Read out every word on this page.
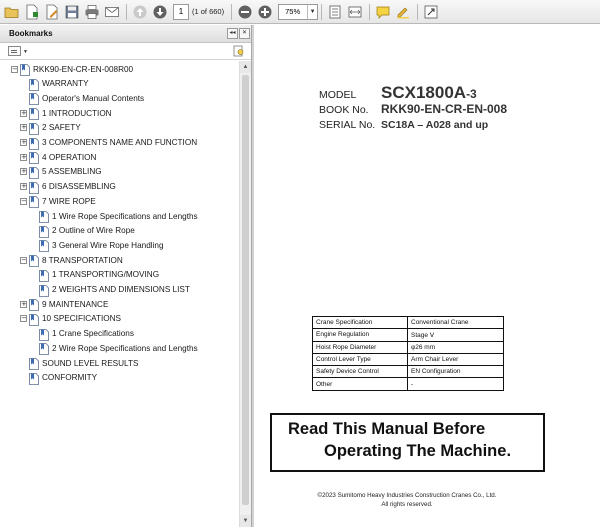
1	(1 of 660)	75%	▼
Bookmarks	◂◂	✕
▼
− RKK90-EN-CR-EN-008R00
WARRANTY
Operator's Manual Contents
+ 1 INTRODUCTION
+ 2 SAFETY
+ 3 COMPONENTS NAME AND FUNCTION
+ 4 OPERATION
+ 5 ASSEMBLING
+ 6 DISASSEMBLING
− 7 WIRE ROPE
1 Wire Rope Specifications and Lengths
2 Outline of Wire Rope
3 General Wire Rope Handling
− 8 TRANSPORTATION
1 TRANSPORTING/MOVING
2 WEIGHTS AND DIMENSIONS LIST
+ 9 MAINTENANCE
− 10 SPECIFICATIONS
1 Crane Specifications
2 Wire Rope Specifications and Lengths
SOUND LEVEL RESULTS
CONFORMITY
▲
▼
MODEL	SCX1800A -3
BOOK No.	RKK90-EN-CR-EN-008
SERIAL No. SC18A – A028 and up
Crane Specification	Conventional Crane
Engine Regulation	Stage Ⅴ
Hoist Rope Diameter	φ26 mm
Control Lever Type	Arm Chair Lever
Safety Device Control	EN Configuration
Other	-
Read This Manual Before
Operating The Machine.
©2023 Sumitomo Heavy Industries Construction Cranes Co., Ltd.
All rights reserved.
